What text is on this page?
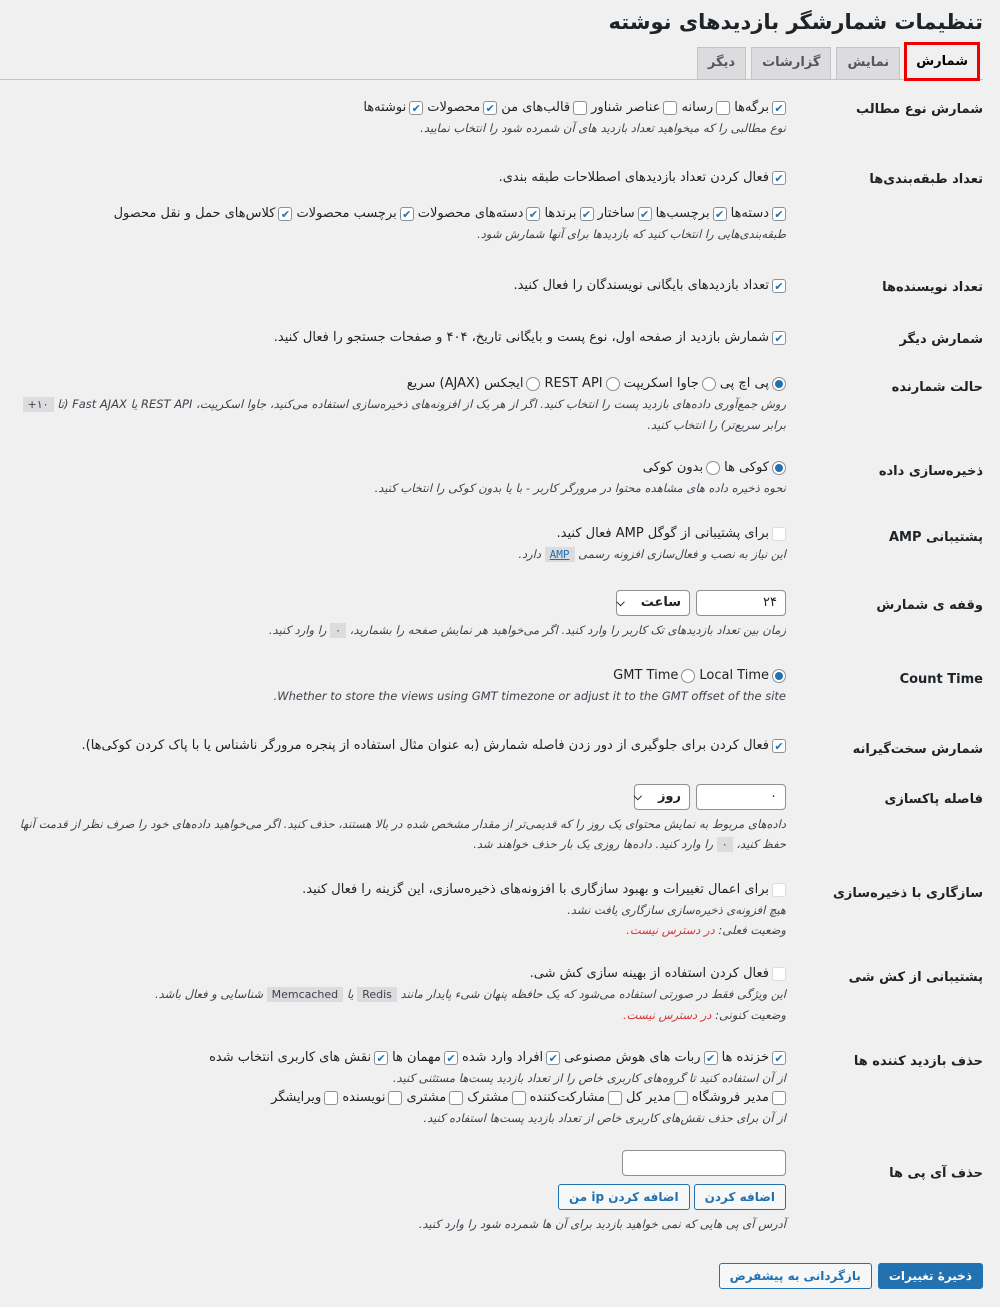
تنظیمات شمارشگر بازدیدهای نوشته
شمارش
نمایش
گزارشات
دیگر
شمارش نوع مطالب
✔
برگه‌ها
رسانه
عناصر شناور
قالب‌های من
✔
محصولات
✔
نوشته‌ها
نوع مطالبی را که میخواهید تعداد بازدید های آن شمرده شود را انتخاب نمایید.
تعداد طبقه‌بندی‌ها
✔
فعال کردن تعداد بازدیدهای اصطلاحات طبقه بندی.
✔
دسته‌ها
✔
برچسب‌ها
✔
ساختار
✔
برندها
✔
دسته‌های محصولات
✔
برچسب محصولات
✔
کلاس‌های حمل و نقل محصول
طبقه‌بندی‌هایی را انتخاب کنید که بازدیدها برای آنها شمارش شود.
تعداد نویسنده‌ها
✔
تعداد بازدیدهای بایگانی نویسندگان را فعال کنید.
شمارش دیگر
✔
شمارش بازدید از صفحه اول، نوع پست و بایگانی تاریخ، ۴۰۴ و صفحات جستجو را فعال کنید.
حالت شمارنده
پی اچ پی
جاوا اسکریپت
REST API
ایجکس (AJAX) سریع
روش جمع‌آوری داده‌های بازدید پست را انتخاب کنید. اگر از هر یک از افزونه‌های ذخیره‌سازی استفاده می‌کنید، جاوا اسکریپت، REST API یا Fast AJAX (تا ۱۰+ برابر سریع‌تر) را انتخاب کنید.
ذخیره‌سازی داده
کوکی ها
بدون کوکی
نحوه ذخیره داده های مشاهده محتوا در مرورگر کاربر - با یا بدون کوکی را انتخاب کنید.
پشتیبانی AMP
برای پشتیبانی از گوگل AMP فعال کنید.
این نیاز به نصب و فعال‌سازی افزونه رسمی AMP دارد.
وقفه ی شمارش
۲۴
ساعت
⌵
زمان بین تعداد بازدیدهای تک کاربر را وارد کنید. اگر می‌خواهید هر نمایش صفحه را بشمارید، ۰ را وارد کنید.
Count Time
Local Time
GMT Time
Whether to store the views using GMT timezone or adjust it to the GMT offset of the site.
شمارش سخت‌گیرانه
✔
فعال کردن برای جلوگیری از دور زدن فاصله شمارش (به عنوان مثال استفاده از پنجره مرورگر ناشناس یا با پاک کردن کوکی‌ها).
فاصله پاکسازی
۰
روز
⌵
داده‌های مربوط به نمایش محتوای یک روز را که قدیمی‌تر از مقدار مشخص شده در بالا هستند، حذف کنید. اگر می‌خواهید داده‌های خود را صرف نظر از قدمت آنها حفظ کنید، ۰ را وارد کنید. داده‌ها روزی یک بار حذف خواهند شد.
سازگاری با ذخیره‌سازی
برای اعمال تغییرات و بهبود سازگاری با افزونه‌های ذخیره‌سازی، این گزینه را فعال کنید.
هیچ افزونه‌ی ذخیره‌سازی سازگاری یافت نشد.
وضعیت فعلی: در دسترس نیست.
پشتیبانی از کش شی
فعال کردن استفاده از بهینه سازی کش شی.
این ویژگی فقط در صورتی استفاده می‌شود که یک حافظه پنهان شیء پایدار مانند Redis یا Memcached شناسایی و فعال باشد.
وضعیت کنونی: در دسترس نیست.
حذف بازدید کننده ها
✔
خزنده ها
✔
ربات های هوش مصنوعی
✔
افراد وارد شده
✔
مهمان ها
✔
نقش های کاربری انتخاب شده
از آن استفاده کنید تا گروه‌های کاربری خاص را از تعداد بازدید پست‌ها مستثنی کنید.
مدیر فروشگاه
مدیر کل
مشارکت‌کننده
مشترک
مشتری
نویسنده
ویرایشگر
از آن برای حذف نقش‌های کاربری خاص از تعداد بازدید پست‌ها استفاده کنید.
حذف آی پی ها
اضافه کردن
اضافه کردن ip من
آدرس آی پی هایی که نمی خواهید بازدید برای آن ها شمرده شود را وارد کنید.
ذخیرهٔ تغییرات
بازگردانی به پیشفرض
